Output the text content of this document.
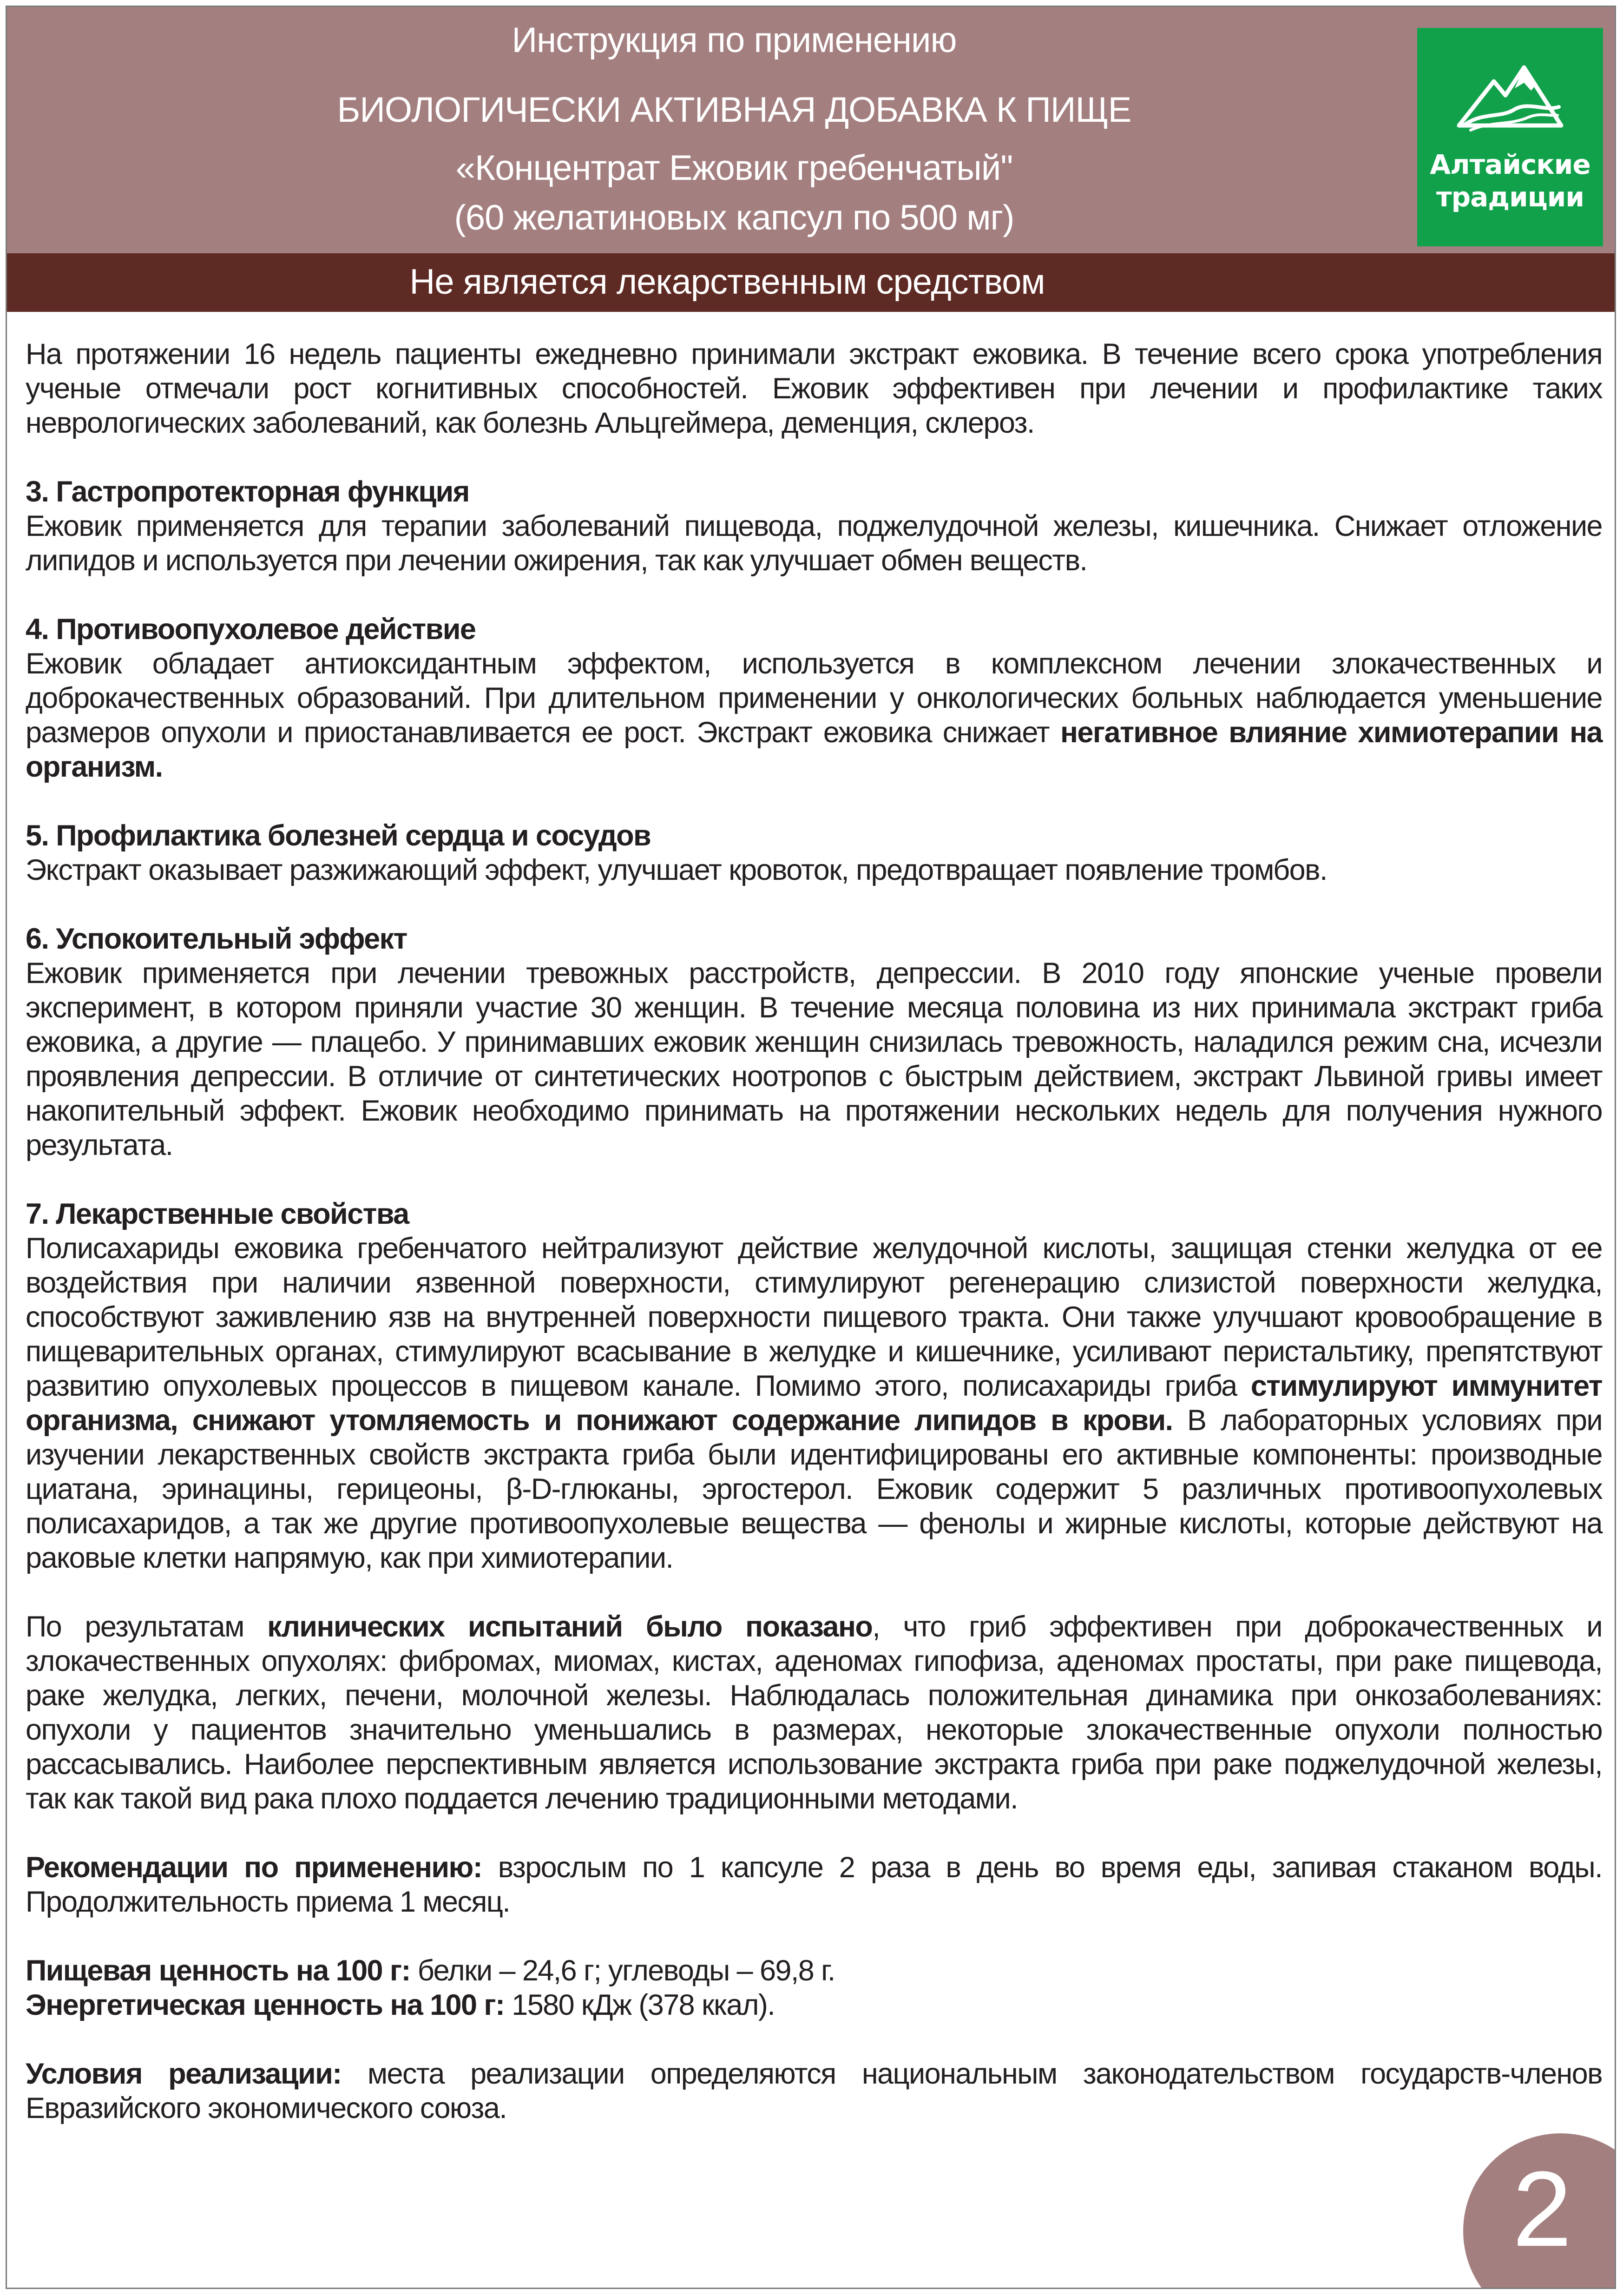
Инструкция по применению
БИОЛОГИЧЕСКИ АКТИВНАЯ ДОБАВКА К ПИЩЕ
«Концентрат Ежовик гребенчатый"
(60 желатиновых капсул по 500 мг)
Алтайские
традиции
Не является лекарственным средством

На протяжении 16 недель пациенты ежедневно принимали экстракт ежовика. В течение всего срока употребления ученые отмечали рост когнитивных способностей. Ежовик эффективен при лечении и профилактике таких неврологических заболеваний, как болезнь Альцгеймера, деменция, склероз.

3. Гастропротекторная функция

Ежовик применяется для терапии заболеваний пищевода, поджелудочной железы, кишечника. Снижает отложение липидов и используется при лечении ожирения, так как улучшает обмен веществ.

4. Противоопухолевое действие

Ежовик обладает антиоксидантным эффектом, используется в комплексном лечении злокачественных и доброкачественных образований. При длительном применении у онкологических больных наблюдается уменьшение размеров опухоли и приостанавливается ее рост. Экстракт ежовика снижает негативное влияние химиотерапии на организм.

5. Профилактика болезней сердца и сосудов

Экстракт оказывает разжижающий эффект, улучшает кровоток, предотвращает появление тромбов.

6. Успокоительный эффект

Ежовик применяется при лечении тревожных расстройств, депрессии. В 2010 году японские ученые провели эксперимент, в котором приняли участие 30 женщин. В течение месяца половина из них принимала экстракт гриба ежовика, а другие — плацебо. У принимавших ежовик женщин снизилась тревожность, наладился режим сна, исчезли проявления депрессии. В отличие от синтетических ноотропов с быстрым действием, экстракт Львиной гривы имеет накопительный эффект. Ежовик необходимо принимать на протяжении нескольких недель для получения нужного результата.

7. Лекарственные свойства

Полисахариды ежовика гребенчатого нейтрализуют действие желудочной кислоты, защищая стенки желудка от ее воздействия при наличии язвенной поверхности, стимулируют регенерацию слизистой поверхности желудка, способствуют заживлению язв на внутренней поверхности пищевого тракта. Они также улучшают кровообращение в пищеварительных органах, стимулируют всасывание в желудке и кишечнике, усиливают перистальтику, препятствуют развитию опухолевых процессов в пищевом канале. Помимо этого, полисахариды гриба стимулируют иммунитет организма, снижают утомляемость и понижают содержание липидов в крови. В лабораторных условиях при изучении лекарственных свойств экстракта гриба были идентифицированы его активные компоненты: производные циатана, эринацины, герицеоны, β-D-глюканы, эргостерол. Ежовик содержит 5 различных противоопухолевых полисахаридов, а так же другие противоопухолевые вещества — фенолы и жирные кислоты, которые действуют на раковые клетки напрямую, как при химиотерапии.

По результатам клинических испытаний было показано, что гриб эффективен при доброкачественных и злокачественных опухолях: фибромах, миомах, кистах, аденомах гипофиза, аденомах простаты, при раке пищевода, раке желудка, легких, печени, молочной железы. Наблюдалась положительная динамика при онкозаболеваниях: опухоли у пациентов значительно уменьшались в размерах, некоторые злокачественные опухоли полностью рассасывались. Наиболее перспективным является использование экстракта гриба при раке поджелудочной железы, так как такой вид рака плохо поддается лечению традиционными методами.

Рекомендации по применению: взрослым по 1 капсуле 2 раза в день во время еды, запивая стаканом воды. Продолжительность приема 1 месяц.

Пищевая ценность на 100 г: белки – 24,6 г; углеводы – 69,8 г.

Энергетическая ценность на 100 г: 1580 кДж (378 ккал).

Условия реализации: места реализации определяются национальным законодательством государств-членов Евразийского экономического союза.

2
